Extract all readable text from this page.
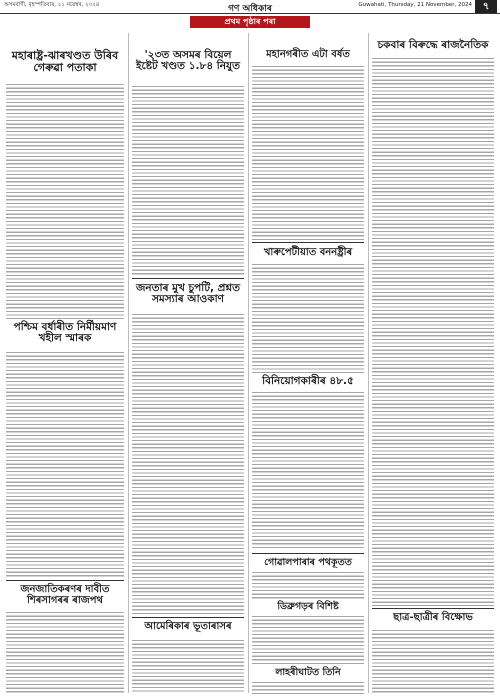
অসমবাণী, বৃহস্পতিবাৰ, ২১ নৱেম্বৰ, ২০২৪	গণ অধিকাৰ	Guwahati, Thursday, 21 November, 2024	৭
প্ৰথম পৃষ্ঠাৰ পৰা
মহাৰাষ্ট্ৰ-ঝাৰখণ্ডত উৰিব গেৰুৱা পতাকা
পশ্চিম বৰ্ধাৰীত নিৰ্মীয়মাণ খহীল স্মাৰক
জনজাতিকৰণৰ দাবীত শিৰসাগৰৰ ৰাজপথ
'২৩ত অসমৰ বিয়েল ইষ্টেট খণ্ডত ১.৮৪ নিযুত
জনতাৰ মুখ চুপটি, প্ৰশ্নত সমস্যাৰ আওকাণ
আমেৰিকাৰ ভূতাৰাসৰ
মহানগৰীত এটা বৰ্ষত
খাৰুপেটীয়াত বননষ্ট্ৰীৰ
বিনিয়োগকাৰীৰ ৪৮.৫
গোৱালপাৰাৰ পথকূতত
ডিব্ৰুগড়ৰ বিশিষ্ট
লাহৰীঘাটত তিনি
চকবাৰ বিৰুদ্ধে ৰাজনৈতিক
ছাত্ৰ-ছাত্ৰীৰ বিক্ষোভ
